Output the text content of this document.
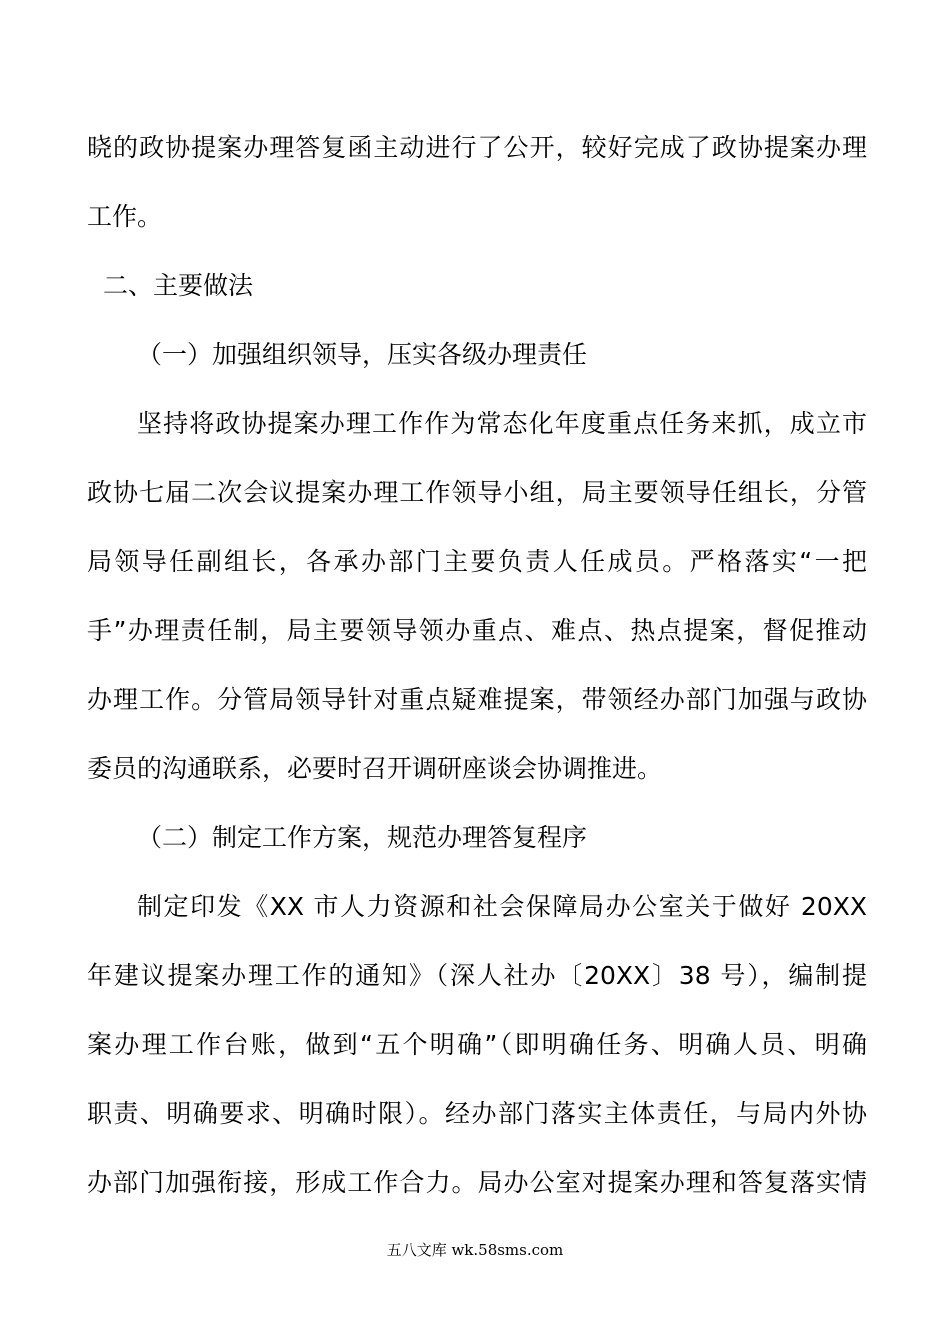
晓的政协提案办理答复函主动进行了公开，较好完成了政协提案办理
工作。
二、主要做法
（一）加强组织领导，压实各级办理责任
坚持将政协提案办理工作作为常态化年度重点任务来抓，成立市
政协七届二次会议提案办理工作领导小组，局主要领导任组长，分管
局领导任副组长，各承办部门主要负责人任成员。严格落实“一把
手”办理责任制，局主要领导领办重点、难点、热点提案，督促推动
办理工作。分管局领导针对重点疑难提案，带领经办部门加强与政协
委员的沟通联系，必要时召开调研座谈会协调推进。
（二）制定工作方案，规范办理答复程序
制定印发《XX 市人力资源和社会保障局办公室关于做好 20XX
年建议提案办理工作的通知》（深人社办〔20XX〕38 号），编制提
案办理工作台账，做到“五个明确”（即明确任务、明确人员、明确
职责、明确要求、明确时限）。经办部门落实主体责任，与局内外协
办部门加强衔接，形成工作合力。局办公室对提案办理和答复落实情
五八文库 wk.58sms.com
